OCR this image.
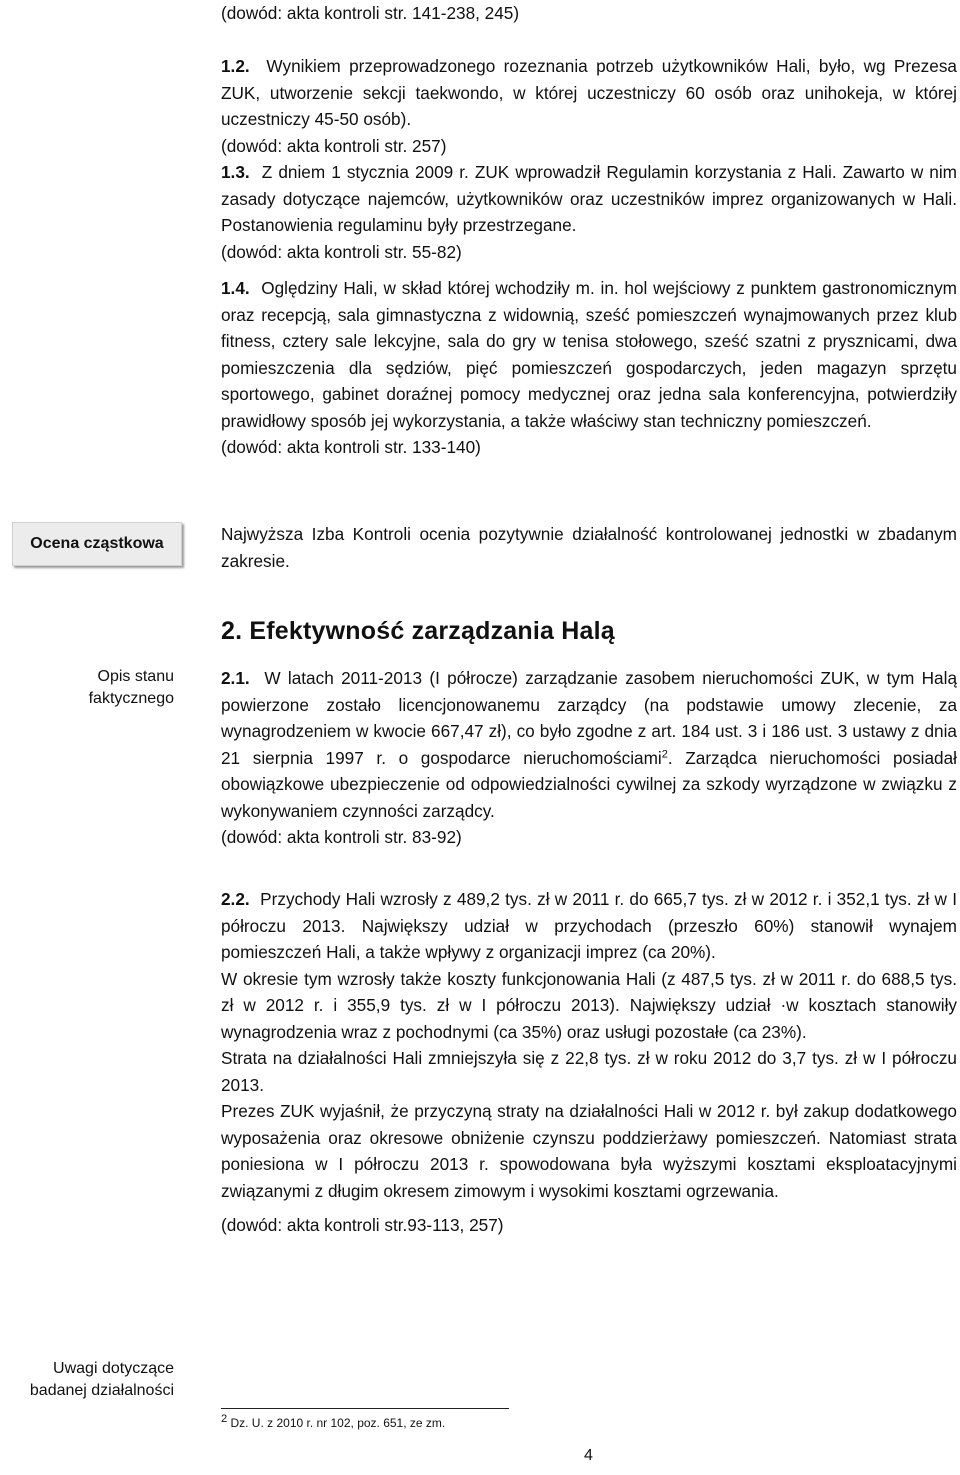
(dowód: akta kontroli str. 141-238, 245)

1.2. Wynikiem przeprowadzonego rozeznania potrzeb użytkowników Hali, było, wg Prezesa ZUK, utworzenie sekcji taekwondo, w której uczestniczy 60 osób oraz unihokeja, w której uczestniczy 45-50 osób).

(dowód: akta kontroli str. 257)

1.3. Z dniem 1 stycznia 2009 r. ZUK wprowadził Regulamin korzystania z Hali. Zawarto w nim zasady dotyczące najemców, użytkowników oraz uczestników imprez organizowanych w Hali. Postanowienia regulaminu były przestrzegane.

(dowód: akta kontroli str. 55-82)

1.4. Oględziny Hali, w skład której wchodziły m. in. hol wejściowy z punktem gastronomicznym oraz recepcją, sala gimnastyczna z widownią, sześć pomieszczeń wynajmowanych przez klub fitness, cztery sale lekcyjne, sala do gry w tenisa stołowego, sześć szatni z prysznicami, dwa pomieszczenia dla sędziów, pięć pomieszczeń gospodarczych, jeden magazyn sprzętu sportowego, gabinet doraźnej pomocy medycznej oraz jedna sala konferencyjna, potwierdziły prawidłowy sposób jej wykorzystania, a także właściwy stan techniczny pomieszczeń.

(dowód: akta kontroli str. 133-140)

Ocena cząstkowa	Najwyższa Izba Kontroli ocenia pozytywnie działalność kontrolowanej jednostki w zbadanym zakresie.

2. Efektywność zarządzania Halą
Opis stanu
faktycznego

2.1. W latach 2011-2013 (I półrocze) zarządzanie zasobem nieruchomości ZUK, w tym Halą powierzone zostało licencjonowanemu zarządcy (na podstawie umowy zlecenie, za wynagrodzeniem w kwocie 667,47 zł), co było zgodne z art. 184 ust. 3 i 186 ust. 3 ustawy z dnia 21 sierpnia 1997 r. o gospodarce nieruchomościami$^2$. Zarządca nieruchomości posiadał obowiązkowe ubezpieczenie od odpowiedzialności cywilnej za szkody wyrządzone w związku z wykonywaniem czynności zarządcy.

(dowód: akta kontroli str. 83-92)

2.2. Przychody Hali wzrosły z 489,2 tys. zł w 2011 r. do 665,7 tys. zł w 2012 r. i 352,1 tys. zł w I półroczu 2013. Największy udział w przychodach (przeszło 60%) stanowił wynajem pomieszczeń Hali, a także wpływy z organizacji imprez (ca 20%).

W okresie tym wzrosły także koszty funkcjonowania Hali (z 487,5 tys. zł w 2011 r. do 688,5 tys. zł w 2012 r. i 355,9 tys. zł w I półroczu 2013). Największy udział ·w kosztach stanowiły wynagrodzenia wraz z pochodnymi (ca 35%) oraz usługi pozostałe (ca 23%).

Strata na działalności Hali zmniejszyła się z 22,8 tys. zł w roku 2012 do 3,7 tys. zł w I półroczu 2013.

Prezes ZUK wyjaśnił, że przyczyną straty na działalności Hali w 2012 r. był zakup dodatkowego wyposażenia oraz okresowe obniżenie czynszu poddzierżawy pomieszczeń. Natomiast strata poniesiona w I półroczu 2013 r. spowodowana była wyższymi kosztami eksploatacyjnymi związanymi z długim okresem zimowym i wysokimi kosztami ogrzewania.

(dowód: akta kontroli str.93-113, 257)

Uwagi dotyczące
badanej działalności
$^2$ Dz. U. z 2010 r. nr 102, poz. 651, ze zm.
4
